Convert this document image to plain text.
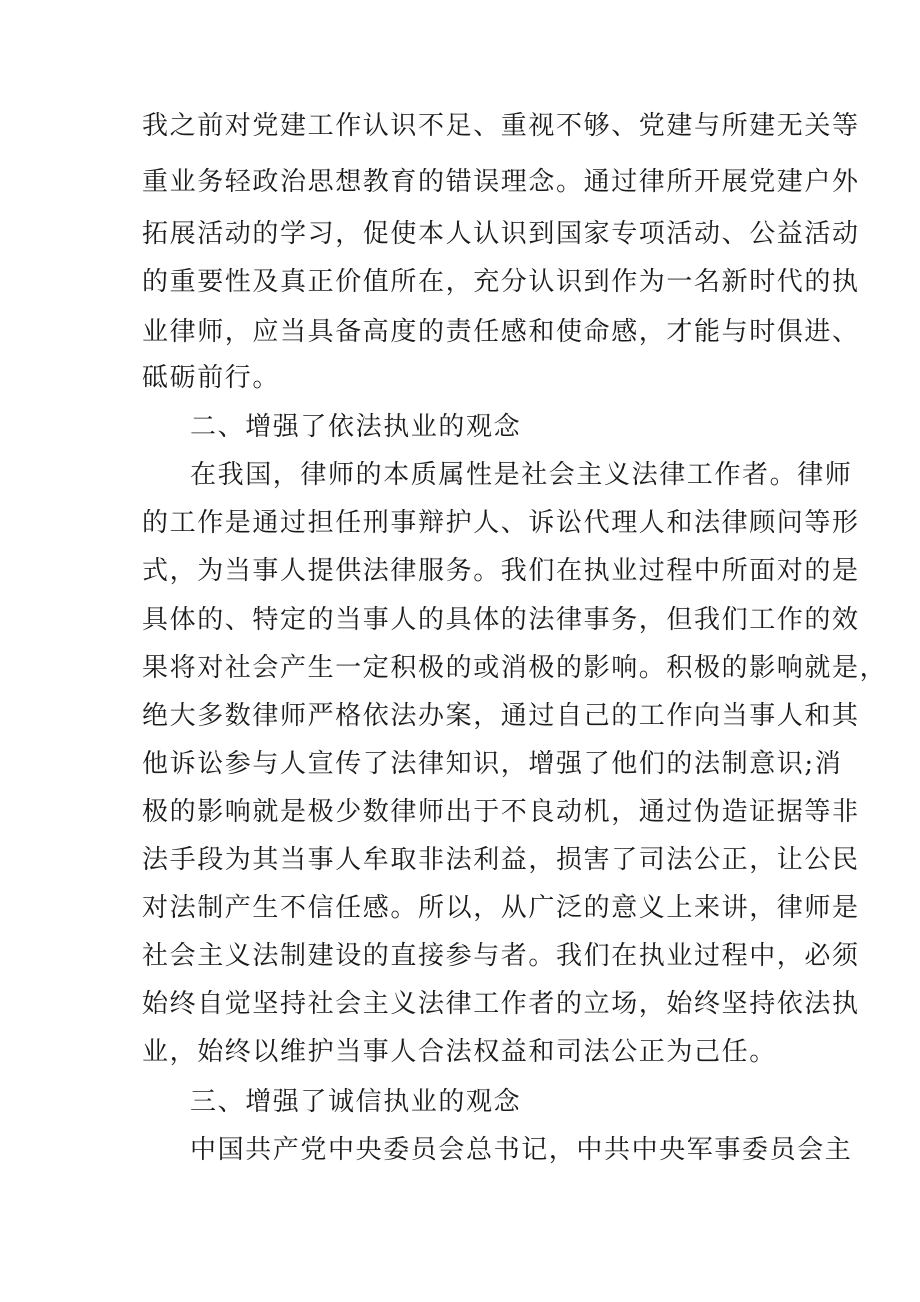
我之前对党建工作认识不足、重视不够、党建与所建无关等
重业务轻政治思想教育的错误理念。通过律所开展党建户外
拓展活动的学习，促使本人认识到国家专项活动、公益活动
的重要性及真正价值所在，充分认识到作为一名新时代的执
业律师，应当具备高度的责任感和使命感，才能与时俱进、
砥砺前行。
二、增强了依法执业的观念
在我国，律师的本质属性是社会主义法律工作者。律师
的工作是通过担任刑事辩护人、诉讼代理人和法律顾问等形
式，为当事人提供法律服务。我们在执业过程中所面对的是
具体的、特定的当事人的具体的法律事务，但我们工作的效
果将对社会产生一定积极的或消极的影响。积极的影响就是，
绝大多数律师严格依法办案，通过自己的工作向当事人和其
他诉讼参与人宣传了法律知识，增强了他们的法制意识;消
极的影响就是极少数律师出于不良动机，通过伪造证据等非
法手段为其当事人牟取非法利益，损害了司法公正，让公民
对法制产生不信任感。所以，从广泛的意义上来讲，律师是
社会主义法制建设的直接参与者。我们在执业过程中，必须
始终自觉坚持社会主义法律工作者的立场，始终坚持依法执
业，始终以维护当事人合法权益和司法公正为己任。
三、增强了诚信执业的观念
中国共产党中央委员会总书记，中共中央军事委员会主
